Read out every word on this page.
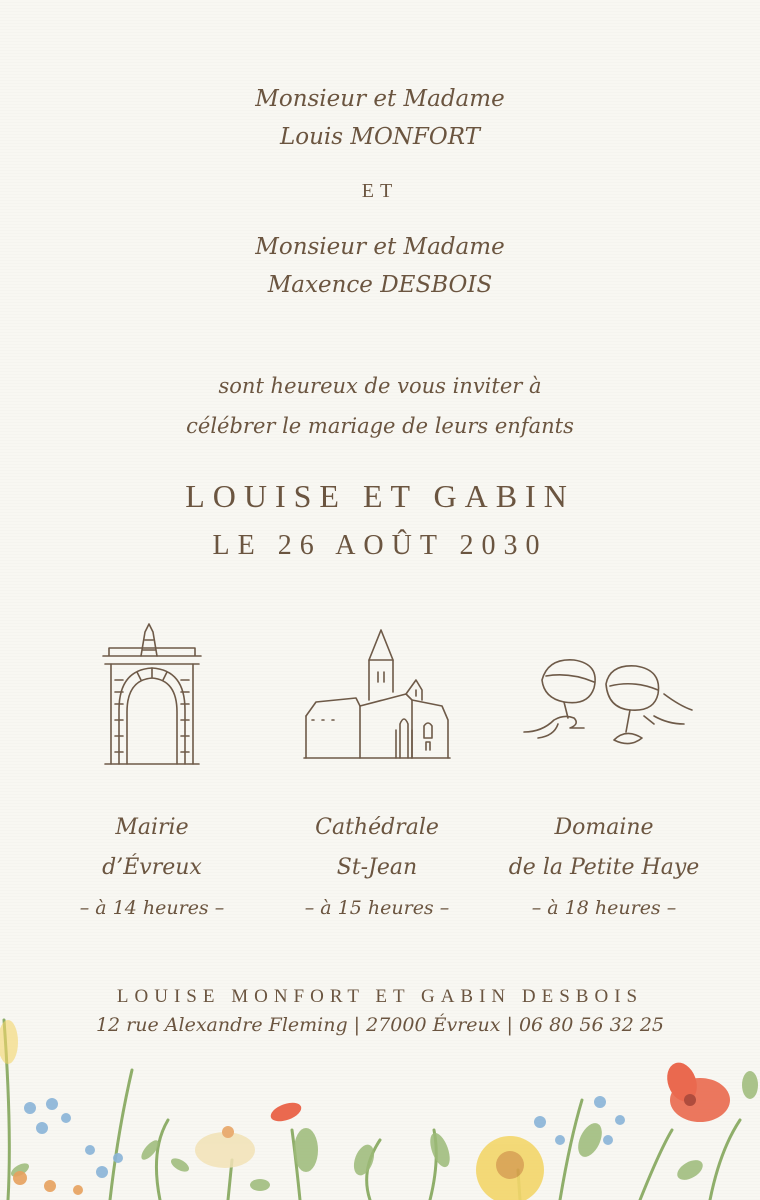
Monsieur et Madame
Louis MONFORT
ET
Monsieur et Madame
Maxence DESBOIS
sont heureux de vous inviter à
célébrer le mariage de leurs enfants
LOUISE ET GABIN
LE 26 AOÛT 2030
Mairie
d’Évreux
– à 14 heures –
Cathédrale
St-Jean
– à 15 heures –
Domaine
de la Petite Haye
– à 18 heures –
LOUISE MONFORT ET GABIN DESBOIS
12 rue Alexandre Fleming | 27000 Évreux | 06 80 56 32 25
